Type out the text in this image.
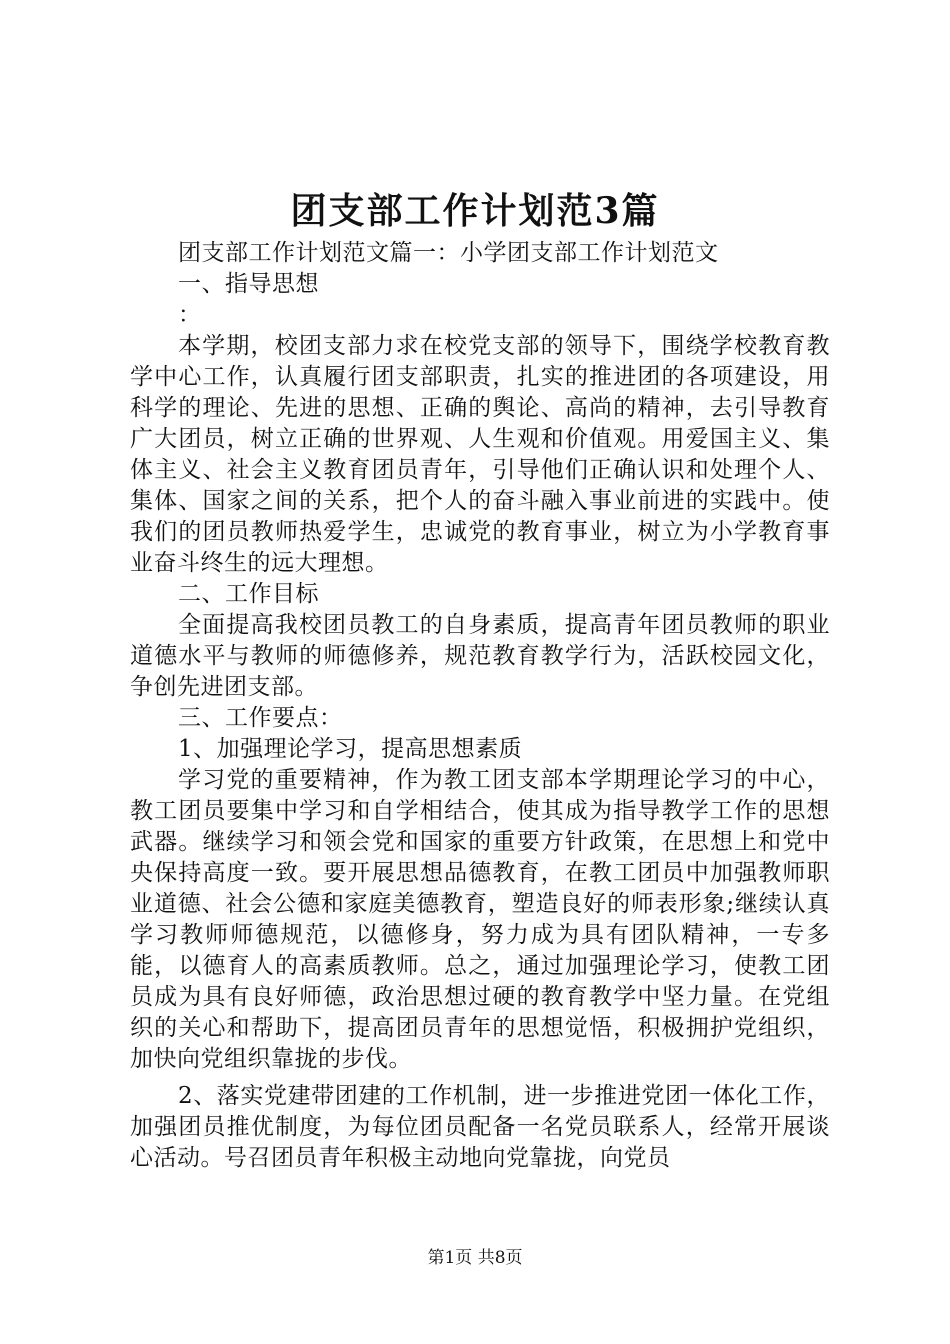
团支部工作计划范3篇

团支部工作计划范文篇一：小学团支部工作计划范文

一、指导思想

：

本学期，校团支部力求在校党支部的领导下，围绕学校教育教学中心工作，认真履行团支部职责，扎实的推进团的各项建设，用科学的理论、先进的思想、正确的舆论、高尚的精神，去引导教育广大团员，树立正确的世界观、人生观和价值观。用爱国主义、集体主义、社会主义教育团员青年，引导他们正确认识和处理个人、集体、国家之间的关系，把个人的奋斗融入事业前进的实践中。使我们的团员教师热爱学生，忠诚党的教育事业，树立为小学教育事业奋斗终生的远大理想。

二、工作目标

全面提高我校团员教工的自身素质，提高青年团员教师的职业道德水平与教师的师德修养，规范教育教学行为，活跃校园文化，争创先进团支部。

三、工作要点：

1、加强理论学习，提高思想素质

学习党的重要精神，作为教工团支部本学期理论学习的中心，教工团员要集中学习和自学相结合，使其成为指导教学工作的思想武器。继续学习和领会党和国家的重要方针政策，在思想上和党中央保持高度一致。要开展思想品德教育，在教工团员中加强教师职业道德、社会公德和家庭美德教育，塑造良好的师表形象;继续认真学习教师师德规范，以德修身，努力成为具有团队精神，一专多能，以德育人的高素质教师。总之，通过加强理论学习，使教工团员成为具有良好师德，政治思想过硬的教育教学中坚力量。在党组织的关心和帮助下，提高团员青年的思想觉悟，积极拥护党组织，加快向党组织靠拢的步伐。

2、落实党建带团建的工作机制，进一步推进党团一体化工作，加强团员推优制度，为每位团员配备一名党员联系人，经常开展谈心活动。号召团员青年积极主动地向党靠拢，向党员

第1页 共8页
